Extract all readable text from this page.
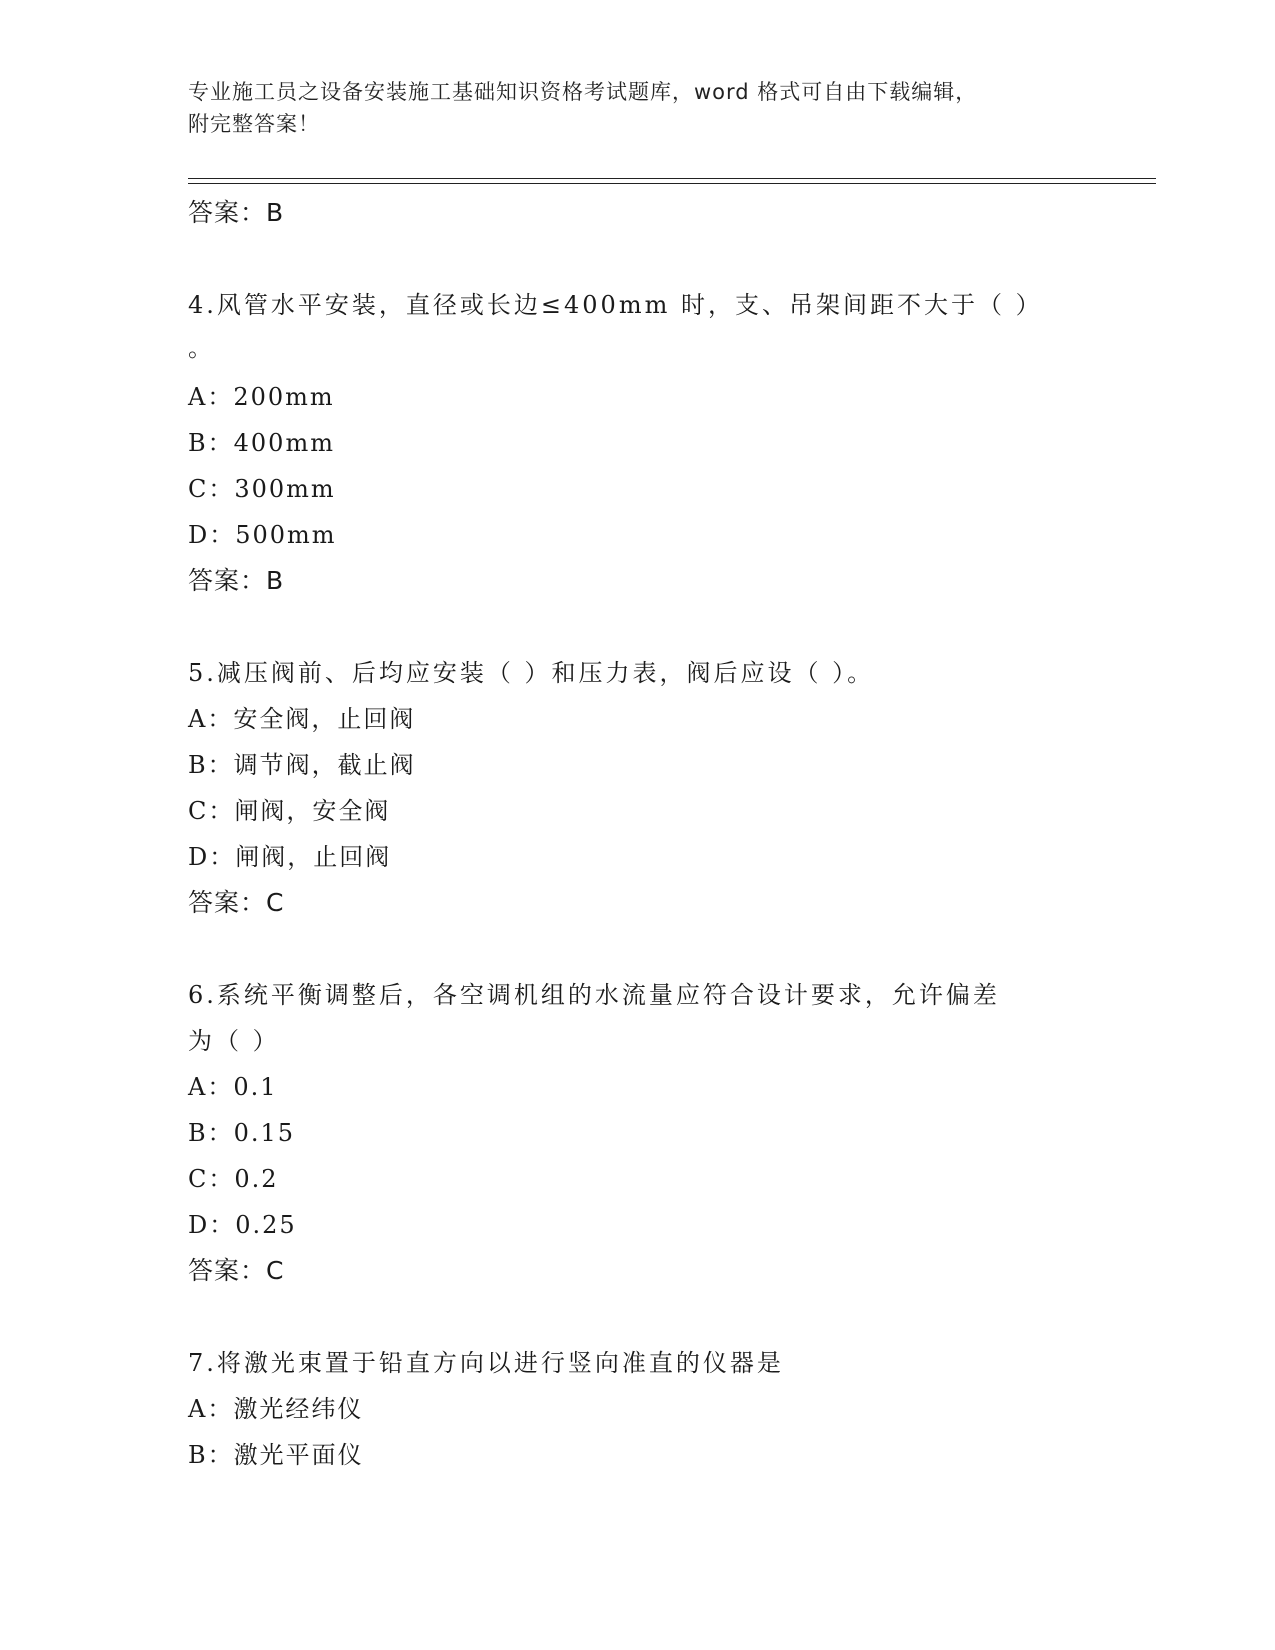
专业施工员之设备安装施工基础知识资格考试题库，word 格式可自由下载编辑，
附完整答案！
答案：B
4.风管水平安装，直径或长边≤400mm 时，支、吊架间距不大于（ ）
。
A：200mm
B：400mm
C：300mm
D：500mm
答案：B
5.减压阀前、后均应安装（ ）和压力表，阀后应设（ ）。
A：安全阀，止回阀
B：调节阀，截止阀
C：闸阀，安全阀
D：闸阀，止回阀
答案：C
6.系统平衡调整后，各空调机组的水流量应符合设计要求，允许偏差
为（ ）
A：0.1
B：0.15
C：0.2
D：0.25
答案：C
7.将激光束置于铅直方向以进行竖向准直的仪器是
A：激光经纬仪
B：激光平面仪
